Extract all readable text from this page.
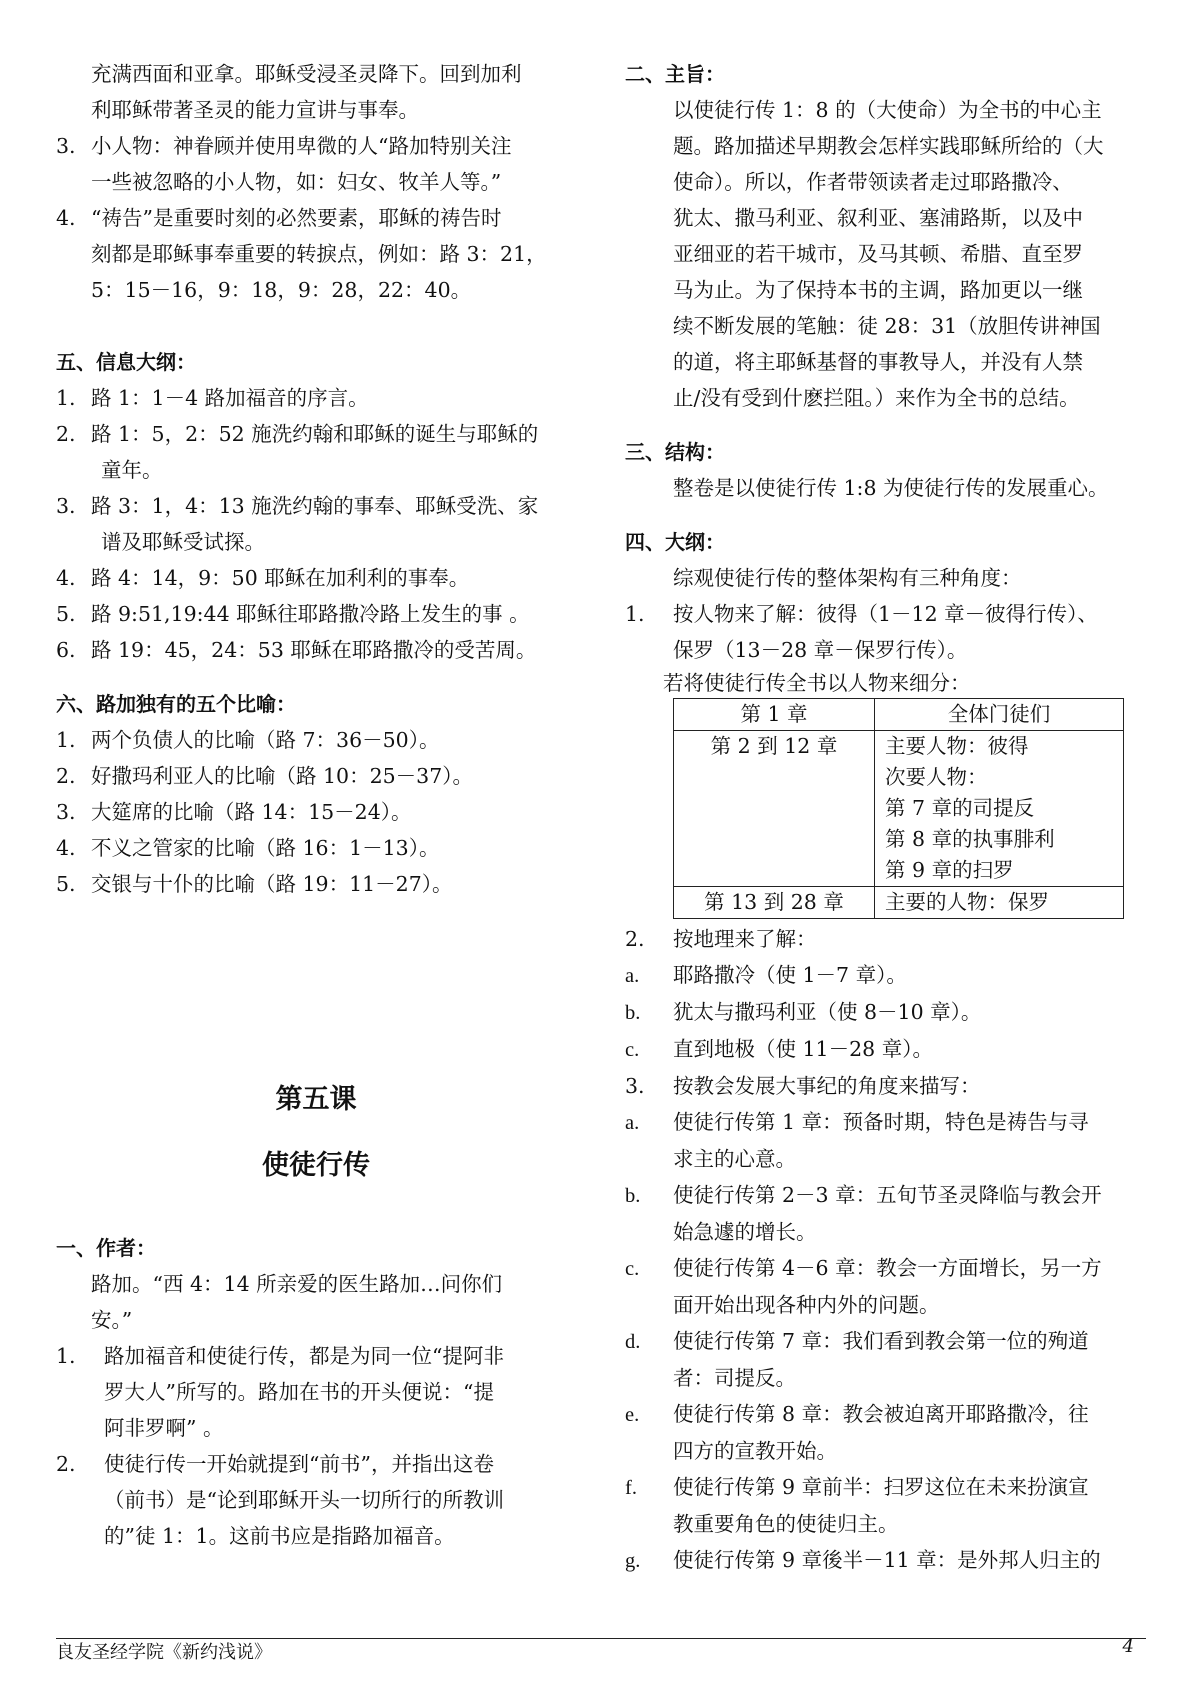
充满西面和亚拿。耶稣受浸圣灵降下。回到加利
利耶稣带著圣灵的能力宣讲与事奉。
3. 小人物：神眷顾并使用卑微的人“路加特别关注
一些被忽略的小人物，如：妇女、牧羊人等。”
4. “祷告”是重要时刻的必然要素，耶稣的祷告时
刻都是耶稣事奉重要的转捩点，例如：路 3：21，
5：15－16，9：18，9：28，22：40。
五、信息大纲：
1. 路 1：1－4 路加福音的序言。
2. 路 1：5，2：52 施洗约翰和耶稣的诞生与耶稣的
童年。
3. 路 3：1，4：13 施洗约翰的事奉、耶稣受洗、家
谱及耶稣受试探。
4. 路 4：14，9：50 耶稣在加利利的事奉。
5. 路 9:51,19:44 耶稣往耶路撒冷路上发生的事 。
6. 路 19：45，24：53 耶稣在耶路撒冷的受苦周。
六、路加独有的五个比喻：
1. 两个负债人的比喻（路 7：36－50）。
2. 好撒玛利亚人的比喻（路 10：25－37）。
3. 大筵席的比喻（路 14：15－24）。
4. 不义之管家的比喻（路 16：1－13）。
5. 交银与十仆的比喻（路 19：11－27）。
第五课
使徒行传
一、作者：
路加。“西 4：14 所亲爱的医生路加…问你们
安。”
1. 路加福音和使徒行传，都是为同一位“提阿非
罗大人”所写的。路加在书的开头便说：“提
阿非罗啊” 。
2. 使徒行传一开始就提到“前书”，并指出这卷
（前书）是“论到耶稣开头一切所行的所教训
的”徒 1：1。这前书应是指路加福音。
二、主旨：
以使徒行传 1：8 的（大使命）为全书的中心主
题。路加描述早期教会怎样实践耶稣所给的（大
使命）。所以，作者带领读者走过耶路撒冷、
犹太、撒马利亚、叙利亚、塞浦路斯，以及中
亚细亚的若干城市，及马其顿、希腊、直至罗
马为止。为了保持本书的主调，路加更以一继
续不断发展的笔触：徒 28：31（放胆传讲神国
的道，将主耶稣基督的事教导人，并没有人禁
止/没有受到什麽拦阻。）来作为全书的总结。
三、结构：
整卷是以使徒行传 1:8 为使徒行传的发展重心。
四、大纲：
综观使徒行传的整体架构有三种角度：
1. 按人物来了解：彼得（1－12 章－彼得行传）、
保罗（13－28 章－保罗行传）。
若将使徒行传全书以人物来细分：
第 1 章	全体门徒们
第 2 到 12 章	主要人物：彼得
次要人物：
第 7 章的司提反
第 8 章的执事腓利
第 9 章的扫罗

第 13 到 28 章	主要的人物：保罗
2. 按地理来了解：
a. 耶路撒冷（使 1－7 章）。
b. 犹太与撒玛利亚（使 8－10 章）。
c. 直到地极（使 11－28 章）。
3. 按教会发展大事纪的角度来描写：
a. 使徒行传第 1 章：预备时期，特色是祷告与寻
求主的心意。
b. 使徒行传第 2－3 章：五旬节圣灵降临与教会开
始急遽的增长。
c. 使徒行传第 4－6 章：教会一方面增长，另一方
面开始出现各种内外的问题。
d. 使徒行传第 7 章：我们看到教会第一位的殉道
者：司提反。
e. 使徒行传第 8 章：教会被迫离开耶路撒冷，往
四方的宣教开始。
f. 使徒行传第 9 章前半：扫罗这位在未来扮演宣
教重要角色的使徒归主。
g. 使徒行传第 9 章後半－11 章：是外邦人归主的
良友圣经学院《新约浅说》	4
